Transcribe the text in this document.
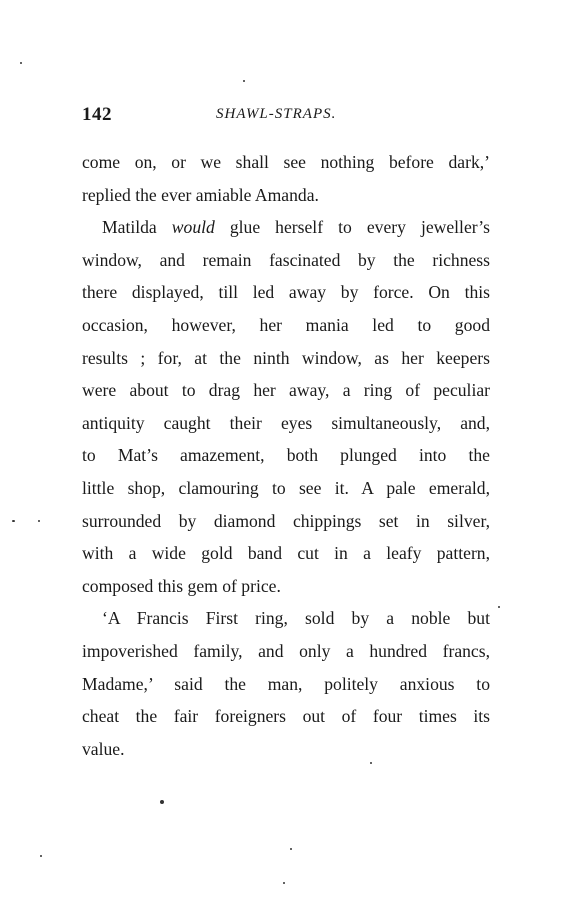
142	SHAWL-STRAPS.
come on, or we shall see nothing before dark,’
replied the ever amiable Amanda.
Matilda would glue herself to every jeweller’s
window, and remain fascinated by the richness
there displayed, till led away by force. On this
occasion, however, her mania led to good
results ; for, at the ninth window, as her keepers
were about to drag her away, a ring of peculiar
antiquity caught their eyes simultaneously, and,
to Mat’s amazement, both plunged into the
little shop, clamouring to see it. A pale emerald,
surrounded by diamond chippings set in silver,
with a wide gold band cut in a leafy pattern,
composed this gem of price.
‘A Francis First ring, sold by a noble but
impoverished family, and only a hundred francs,
Madame,’ said the man, politely anxious to
cheat the fair foreigners out of four times its
value.
